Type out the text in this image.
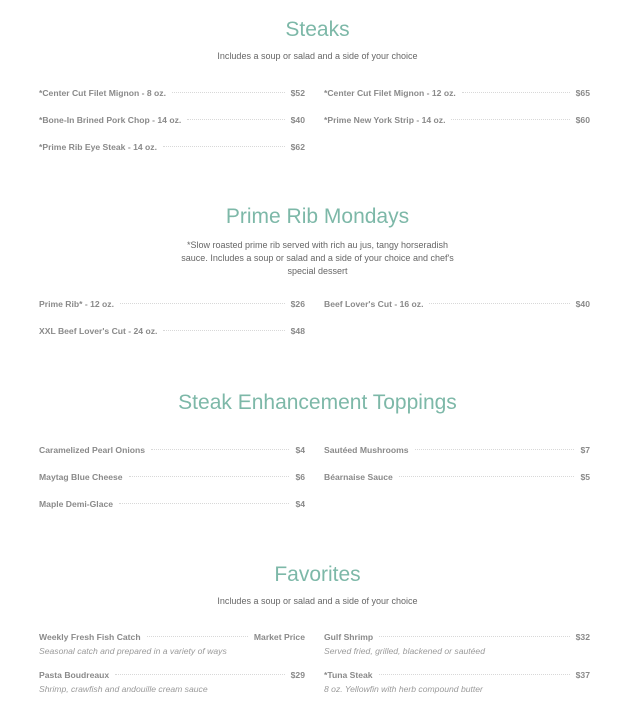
Steaks
Includes a soup or salad and a side of your choice
*Center Cut Filet Mignon - 8 oz.	$52 *Center Cut Filet Mignon - 12 oz.	$65
*Bone-In Brined Pork Chop - 14 oz.	$40 *Prime New York Strip - 14 oz.	$60
*Prime Rib Eye Steak - 14 oz.	$62
Prime Rib Mondays
*Slow roasted prime rib served with rich au jus, tangy horseradish sauce. Includes a soup or salad and a side of your choice and chef's special dessert
Prime Rib* - 12 oz.	$26 Beef Lover's Cut - 16 oz.	$40
XXL Beef Lover's Cut - 24 oz.	$48
Steak Enhancement Toppings
Caramelized Pearl Onions	$4 Sautéed Mushrooms	$7
Maytag Blue Cheese	$6 Béarnaise Sauce	$5
Maple Demi-Glace	$4
Favorites
Includes a soup or salad and a side of your choice
Weekly Fresh Fish Catch	Market Price
Seasonal catch and prepared in a variety of ways
Gulf Shrimp	$32
Served fried, grilled, blackened or sautéed
Pasta Boudreaux	$29
Shrimp, crawfish and andouille cream sauce
*Tuna Steak	$37
8 oz. Yellowfin with herb compound butter
